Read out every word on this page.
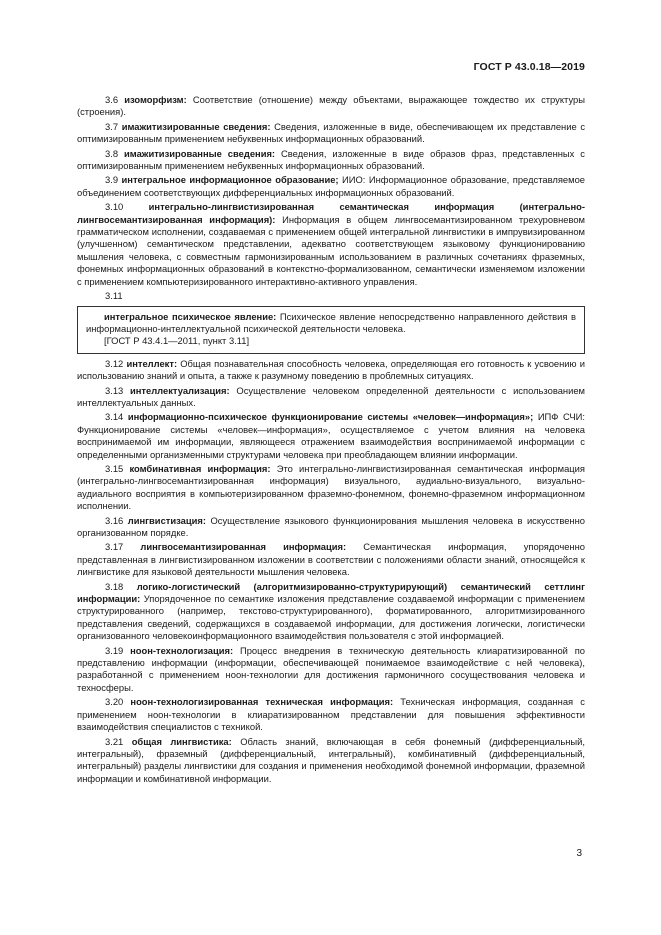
ГОСТ Р 43.0.18—2019

3.6 изоморфизм: Соответствие (отношение) между объектами, выражающее тождество их структуры (строения).

3.7 имажитизированные сведения: Сведения, изложенные в виде, обеспечивающем их представление с оптимизированным применением небуквенных информационных образований.

3.8 имажитизированные сведения: Сведения, изложенные в виде образов фраз, представленных с оптимизированным применением небуквенных информационных образований.

3.9 интегральное информационное образование; ИИО: Информационное образование, представляемое объединением соответствующих дифференциальных информационных образований.

3.10	интегрально-лингвистизированная семантическая информация (интегрально-лингвосемантизированная информация): Информация в общем лингвосемантизированном трехуровневом грамматическом исполнении, создаваемая с применением общей интегральной лингвистики в импрувизированном (улучшенном) семантическом представлении, адекватно соответствующем языковому функционированию мышления человека, с совместным гармонизированным использованием в различных сочетаниях фраземных, фонемных информационных образований в контекстно-формализованном, семантически изменяемом изложении с применением компьютеризированного интерактивно-активного управления.

3.11
интегральное психическое явление: Психическое явление непосредственно направленного действия в информационно-интеллектуальной психической деятельности человека.
[ГОСТ Р 43.4.1—2011, пункт 3.11]

3.12 интеллект: Общая познавательная способность человека, определяющая его готовность к усвоению и использованию знаний и опыта, а также к разумному поведению в проблемных ситуациях.

3.13 интеллектуализация: Осуществление человеком определенной деятельности с использованием интеллектуальных данных.

3.14 информационно-психическое функционирование системы «человек—информация»; ИПФ СЧИ: Функционирование системы «человек—информация», осуществляемое с учетом влияния на человека воспринимаемой им информации, являющееся отражением взаимодействия воспринимаемой информации с определенными организменными структурами человека при преобладающем влиянии информации.

3.15 комбинативная информация: Это интегрально-лингвистизированная семантическая информация (интегрально-лингвосемантизированная информация) визуального, аудиально-визуального, визуально-аудиального восприятия в компьютеризированном фраземно-фонемном, фонемно-фраземном информационном исполнении.

3.16 лингвистизация: Осуществление языкового функционирования мышления человека в искусственно организованном порядке.

3.17 лингвосемантизированная информация: Семантическая информация, упорядоченно представленная в лингвистизированном изложении в соответствии с положениями области знаний, относящейся к лингвистике для языковой деятельности мышления человека.

3.18 логико-логистический (алгоритмизированно-структурирующий) семантический сеттлинг информации: Упорядоченное по семантике изложения представление создаваемой информации с применением структурированного (например, текстово-структурированного), форматированного, алгоритмизированного представления сведений, содержащихся в создаваемой информации, для достижения логически, логистически организованного человекоинформационного взаимодействия пользователя с этой информацией.

3.19 ноон-технологизация: Процесс внедрения в техническую деятельность клиаратизированной по представлению информации (информации, обеспечивающей понимаемое взаимодействие с ней человека), разработанной с применением ноон-технологии для достижения гармоничного сосуществования человека и техносферы.

3.20 ноон-технологизированная техническая информация: Техническая информация, созданная с применением ноон-технологии в клиаратизированном представлении для повышения эффективности взаимодействия специалистов с техникой.

3.21 общая лингвистика: Область знаний, включающая в себя фонемный (дифференциальный, интегральный), фраземный (дифференциальный, интегральный), комбинативный (дифференциальный, интегральный) разделы лингвистики для создания и применения необходимой фонемной информации, фраземной информации и комбинативной информации.

3
